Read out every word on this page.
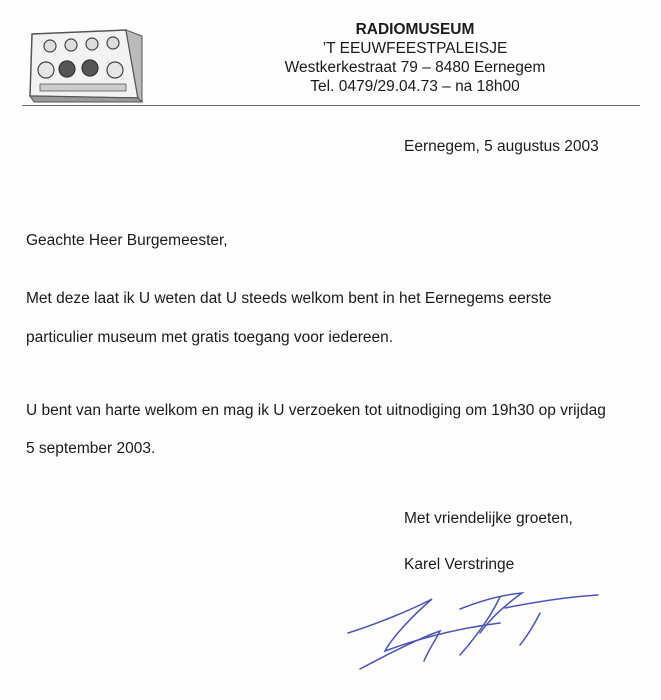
RADIOMUSEUM
’T EEUWFEESTPALEISJE
Westkerkestraat 79 – 8480 Eernegem
Tel. 0479/29.04.73 – na 18h00
Eernegem, 5 augustus 2003
Geachte Heer Burgemeester,
Met deze laat ik U weten dat U steeds welkom bent in het Eernegems eerste
particulier museum met gratis toegang voor iedereen.
U bent van harte welkom en mag ik U verzoeken tot uitnodiging om 19h30 op vrijdag
5 september 2003.
Met vriendelijke groeten,
Karel Verstringe
